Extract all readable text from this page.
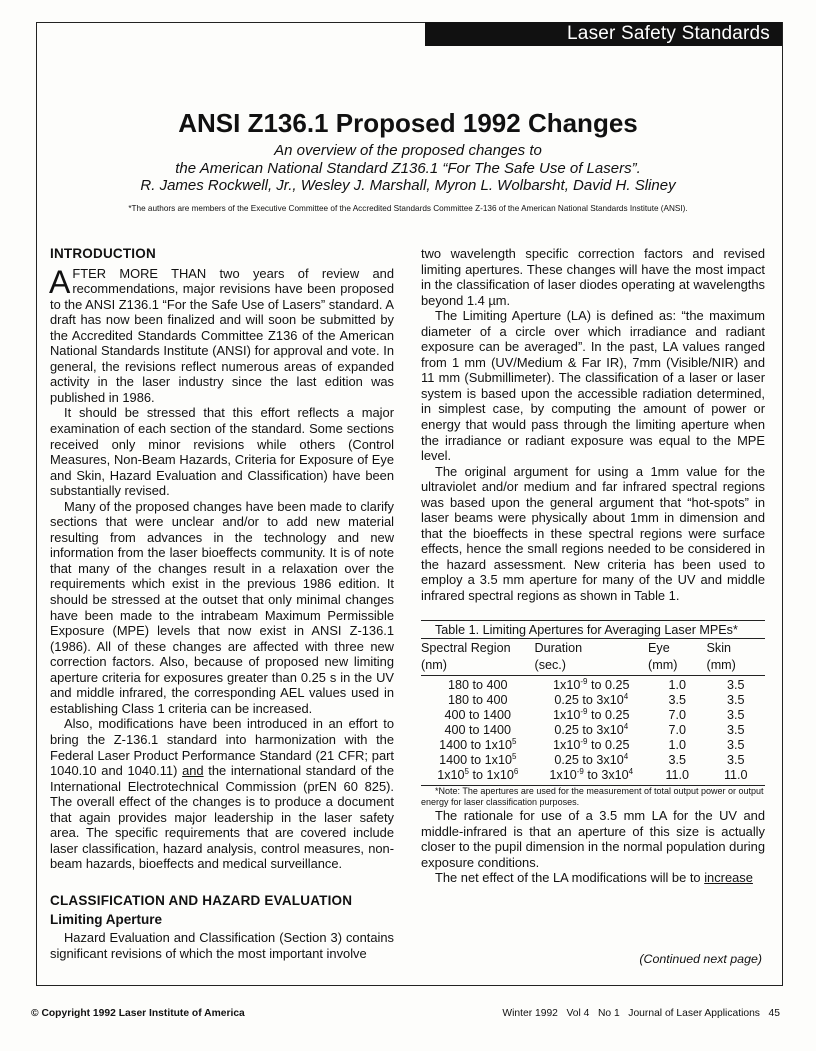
Laser Safety Standards
ANSI Z136.1 Proposed 1992 Changes

An overview of the proposed changes to
the American National Standard Z136.1 “For The Safe Use of Lasers”.

R. James Rockwell, Jr., Wesley J. Marshall, Myron L. Wolbarsht, David H. Sliney

*The authors are members of the Executive Committee of the Accredited Standards Committee Z-136 of the American National Standards Institute (ANSI).

INTRODUCTION

AFTER MORE THAN two years of review and recommendations, major revisions have been proposed to the ANSI Z136.1 “For the Safe Use of Lasers” standard. A draft has now been finalized and will soon be submitted by the Accredited Standards Committee Z136 of the American National Standards Institute (ANSI) for approval and vote. In general, the revisions reflect numerous areas of expanded activity in the laser industry since the last edition was published in 1986.

It should be stressed that this effort reflects a major examination of each section of the standard. Some sections received only minor revisions while others (Control Measures, Non-Beam Hazards, Criteria for Exposure of Eye and Skin, Hazard Evaluation and Classification) have been substantially revised.

Many of the proposed changes have been made to clarify sections that were unclear and/or to add new material resulting from advances in the technology and new information from the laser bioeffects community. It is of note that many of the changes result in a relaxation over the requirements which exist in the previous 1986 edition. It should be stressed at the outset that only minimal changes have been made to the intrabeam Maximum Permissible Exposure (MPE) levels that now exist in ANSI Z-136.1 (1986). All of these changes are affected with three new correction factors. Also, because of proposed new limiting aperture criteria for exposures greater than 0.25 s in the UV and middle infrared, the corresponding AEL values used in establishing Class 1 criteria can be increased.

Also, modifications have been introduced in an effort to bring the Z-136.1 standard into harmonization with the Federal Laser Product Performance Standard (21 CFR; part 1040.10 and 1040.11) and the international standard of the International Electrotechnical Commission (prEN 60 825). The overall effect of the changes is to produce a document that again provides major leadership in the laser safety area. The specific requirements that are covered include laser classification, hazard analysis, control measures, non-beam hazards, bioeffects and medical surveillance.

CLASSIFICATION AND HAZARD EVALUATION
Limiting Aperture

Hazard Evaluation and Classification (Section 3) contains significant revisions of which the most important involve

two wavelength specific correction factors and revised limiting apertures. These changes will have the most impact in the classification of laser diodes operating at wavelengths beyond 1.4 µm.

The Limiting Aperture (LA) is defined as: “the maximum diameter of a circle over which irradiance and radiant exposure can be averaged”. In the past, LA values ranged from 1 mm (UV/Medium & Far IR), 7mm (Visible/NIR) and 11 mm (Submillimeter). The classification of a laser or laser system is based upon the accessible radiation determined, in simplest case, by computing the amount of power or energy that would pass through the limiting aperture when the irradiance or radiant exposure was equal to the MPE level.

The original argument for using a 1mm value for the ultraviolet and/or medium and far infrared spectral regions was based upon the general argument that “hot-spots” in laser beams were physically about 1mm in dimension and that the bioeffects in these spectral regions were surface effects, hence the small regions needed to be considered in the hazard assessment. New criteria has been used to employ a 3.5 mm aperture for many of the UV and middle infrared spectral regions as shown in Table 1.

Table 1. Limiting Apertures for Averaging Laser MPEs*

Spectral Region	Duration	Eye	Skin
(nm)	(sec.)	(mm)	(mm)
180 to 400	$1x10^{-9}$ to 0.25	1.0	3.5
180 to 400	0.25 to $3x10^4$	3.5	3.5
400 to 1400	$1x10^{-9}$ to 0.25	7.0	3.5
400 to 1400	0.25 to $3x10^4$	7.0	3.5
1400 to $1x10^5$	$1x10^{-9}$ to 0.25	1.0	3.5
1400 to $1x10^5$	0.25 to $3x10^4$	3.5	3.5
$1x10^5$ to $1x10^6$	$1x10^{-9}$ to $3x10^4$	11.0	11.0

*Note: The apertures are used for the measurement of total output power or output energy for laser classification purposes.

The rationale for use of a 3.5 mm LA for the UV and middle-infrared is that an aperture of this size is actually closer to the pupil dimension in the normal population during exposure conditions.

The net effect of the LA modifications will be to increase

(Continued next page)
© Copyright 1992 Laser Institute of America	Winter 1992   Vol 4   No 1   Journal of Laser Applications   45
